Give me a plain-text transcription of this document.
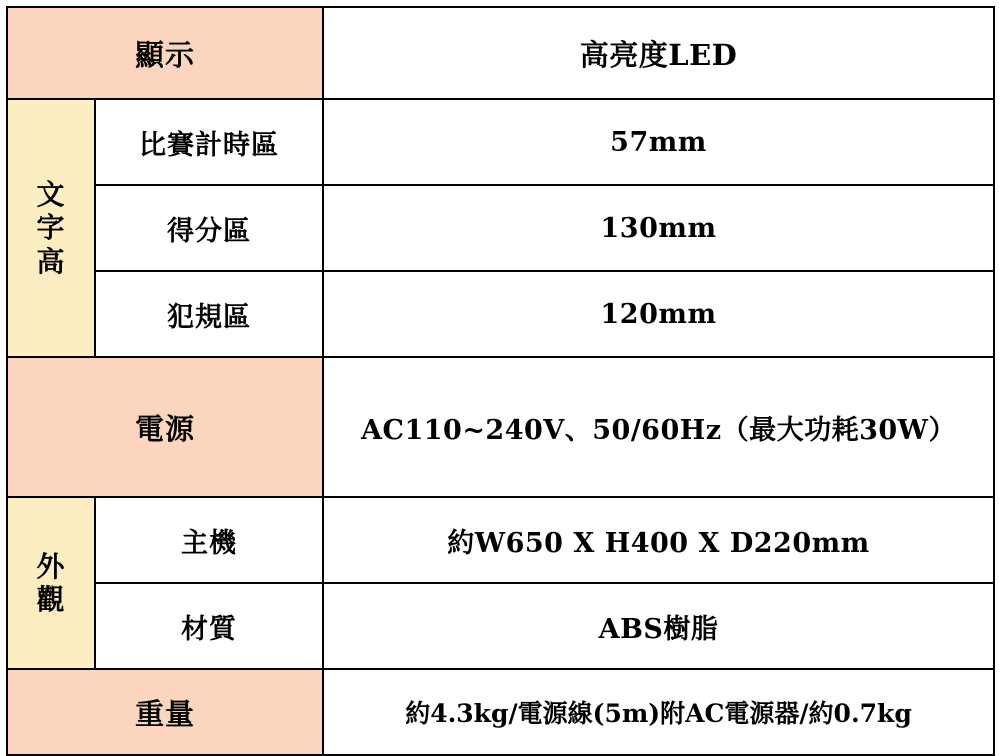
顯示		高亮度LED

文
字
高	比賽計時區	57mm
	得分區	130mm
	犯規區	120mm
電源		AC110~240V、50/60Hz（最大功耗30W）

外
觀	主機	約W650 X H400 X D220mm
	材質	ABS樹脂
重量		約4.3kg/電源線(5m)附AC電源器/約0.7kg
